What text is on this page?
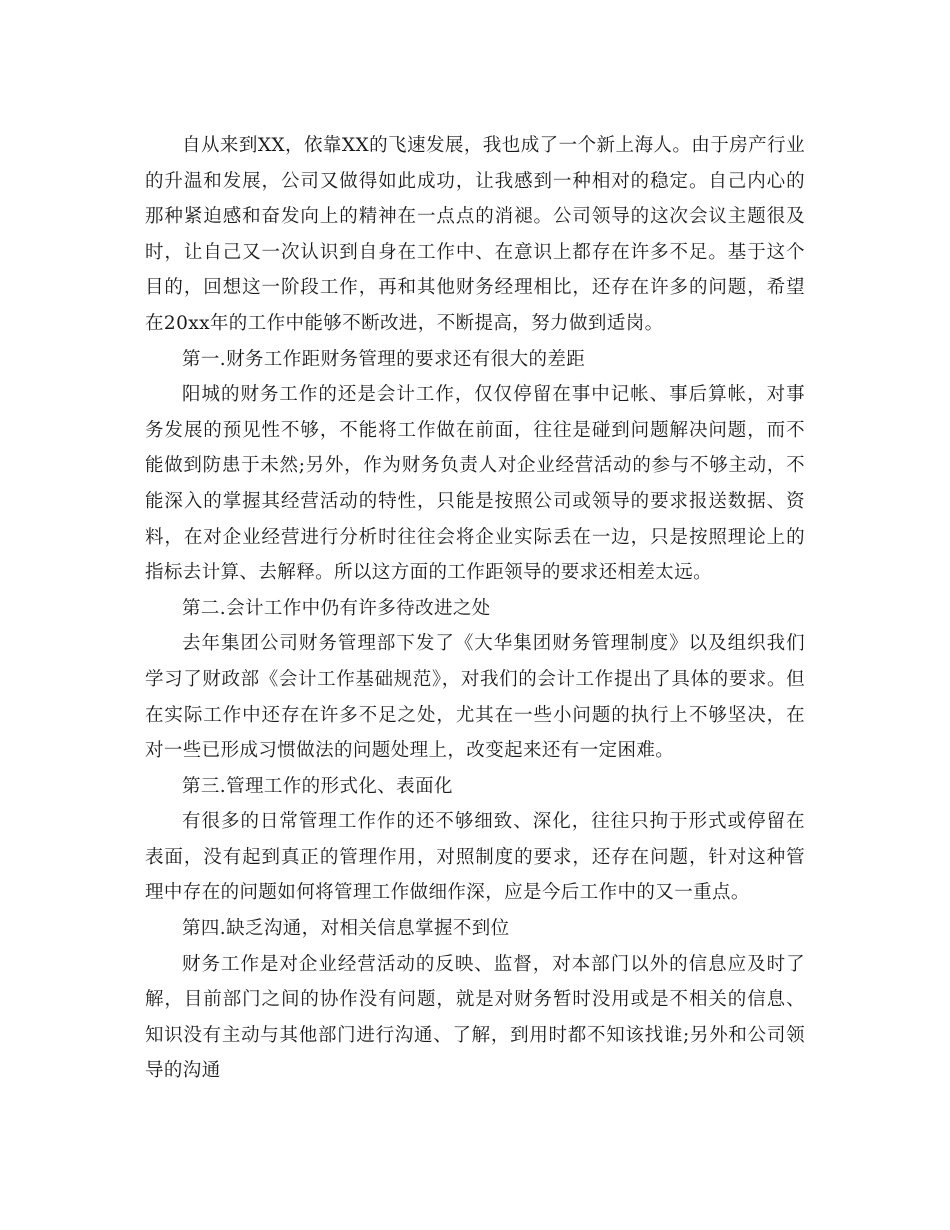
自从来到XX，依靠XX的飞速发展，我也成了一个新上海人。由于房产行业的升温和发展，公司又做得如此成功，让我感到一种相对的稳定。自己内心的那种紧迫感和奋发向上的精神在一点点的消褪。公司领导的这次会议主题很及时，让自己又一次认识到自身在工作中、在意识上都存在许多不足。基于这个目的，回想这一阶段工作，再和其他财务经理相比，还存在许多的问题，希望在20xx年的工作中能够不断改进，不断提高，努力做到适岗。

第一.财务工作距财务管理的要求还有很大的差距

阳城的财务工作的还是会计工作，仅仅停留在事中记帐、事后算帐，对事务发展的预见性不够，不能将工作做在前面，往往是碰到问题解决问题，而不能做到防患于未然;另外，作为财务负责人对企业经营活动的参与不够主动，不能深入的掌握其经营活动的特性，只能是按照公司或领导的要求报送数据、资料，在对企业经营进行分析时往往会将企业实际丢在一边，只是按照理论上的指标去计算、去解释。所以这方面的工作距领导的要求还相差太远。

第二.会计工作中仍有许多待改进之处

去年集团公司财务管理部下发了《大华集团财务管理制度》以及组织我们学习了财政部《会计工作基础规范》，对我们的会计工作提出了具体的要求。但在实际工作中还存在许多不足之处，尤其在一些小问题的执行上不够坚决，在对一些已形成习惯做法的问题处理上，改变起来还有一定困难。

第三.管理工作的形式化、表面化

有很多的日常管理工作作的还不够细致、深化，往往只拘于形式或停留在表面，没有起到真正的管理作用，对照制度的要求，还存在问题，针对这种管理中存在的问题如何将管理工作做细作深，应是今后工作中的又一重点。

第四.缺乏沟通，对相关信息掌握不到位

财务工作是对企业经营活动的反映、监督，对本部门以外的信息应及时了解，目前部门之间的协作没有问题，就是对财务暂时没用或是不相关的信息、知识没有主动与其他部门进行沟通、了解，到用时都不知该找谁;另外和公司领导的沟通
